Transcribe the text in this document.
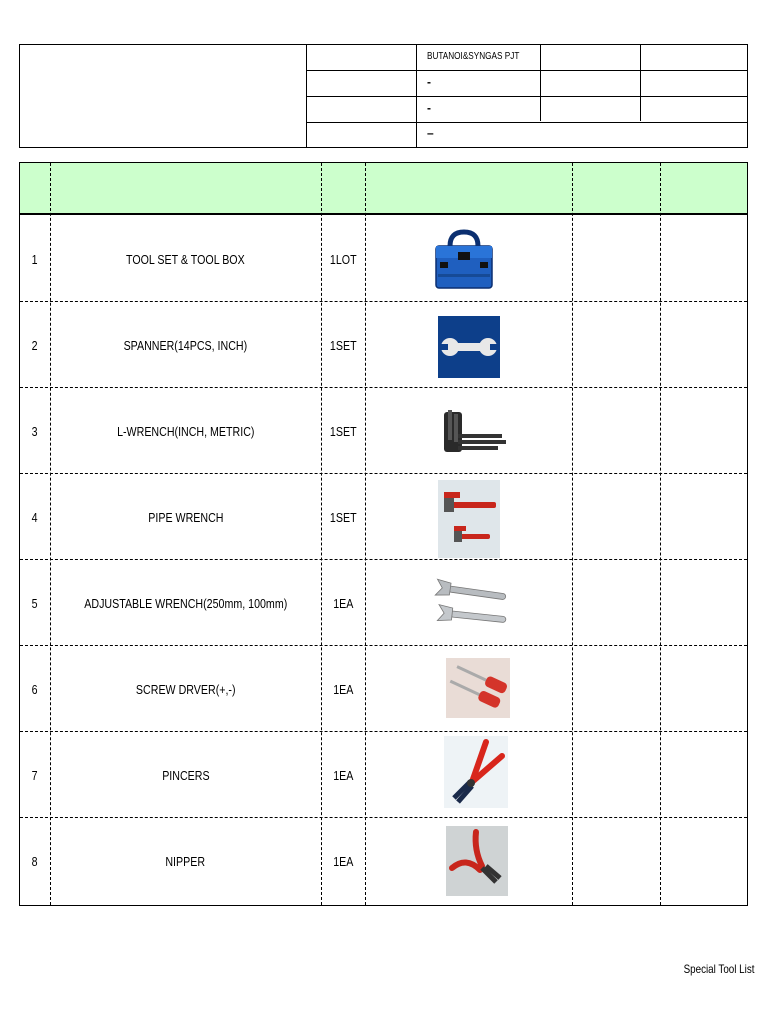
BUTANOI&SYNGAS PJT
-
-
–
1	TOOL SET & TOOL BOX	1LOT
2	SPANNER(14PCS, INCH)	1SET
3	L-WRENCH(INCH, METRIC)	1SET
4	PIPE WRENCH	1SET
5	ADJUSTABLE WRENCH(250mm, 100mm)	1EA
6	SCREW DRVER(+,-)	1EA
7	PINCERS	1EA
8	NIPPER	1EA
Special Tool List
